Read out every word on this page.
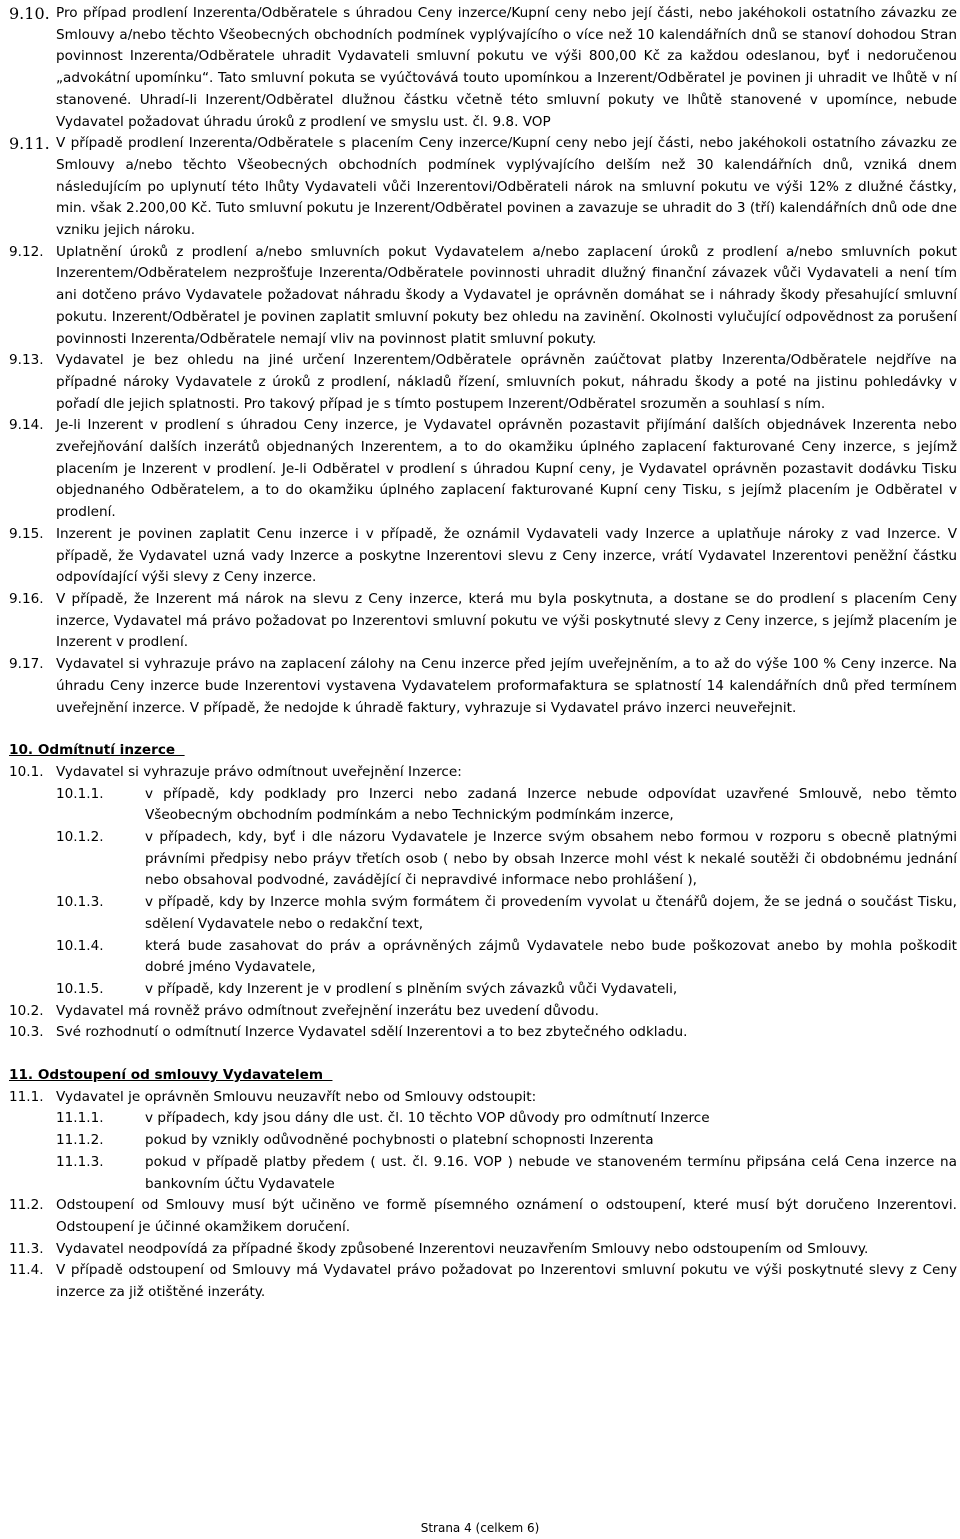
9.10. Pro případ prodlení Inzerenta/Odběratele s úhradou Ceny inzerce/Kupní ceny nebo její části, nebo jakéhokoli ostatního závazku ze Smlouvy a/nebo těchto Všeobecných obchodních podmínek vyplývajícího o více než 10 kalendářních dnů se stanoví dohodou Stran povinnost Inzerenta/Odběratele uhradit Vydavateli smluvní pokutu ve výši 800,00 Kč za každou odeslanou, byť i nedoručenou „advokátní upomínku“. Tato smluvní pokuta se vyúčtovává touto upomínkou a Inzerent/Odběratel je povinen ji uhradit ve lhůtě v ní stanovené. Uhradí-li Inzerent/Odběratel dlužnou částku včetně této smluvní pokuty ve lhůtě stanovené v upomínce, nebude Vydavatel požadovat úhradu úroků z prodlení ve smyslu ust. čl. 9.8. VOP
9.11. V případě prodlení Inzerenta/Odběratele s placením Ceny inzerce/Kupní ceny nebo její části, nebo jakéhokoli ostatního závazku ze Smlouvy a/nebo těchto Všeobecných obchodních podmínek vyplývajícího delším než 30 kalendářních dnů, vzniká dnem následujícím po uplynutí této lhůty Vydavateli vůči Inzerentovi/Odběrateli nárok na smluvní pokutu ve výši 12% z dlužné částky, min. však 2.200,00 Kč. Tuto smluvní pokutu je Inzerent/Odběratel povinen a zavazuje se uhradit do 3 (tří) kalendářních dnů ode dne vzniku jejich nároku.
9.12. Uplatnění úroků z prodlení a/nebo smluvních pokut Vydavatelem a/nebo zaplacení úroků z prodlení a/nebo smluvních pokut Inzerentem/Odběratelem nezprošťuje Inzerenta/Odběratele povinnosti uhradit dlužný finanční závazek vůči Vydavateli a není tím ani dotčeno právo Vydavatele požadovat náhradu škody a Vydavatel je oprávněn domáhat se i náhrady škody přesahující smluvní pokutu. Inzerent/Odběratel je povinen zaplatit smluvní pokuty bez ohledu na zavinění. Okolnosti vylučující odpovědnost za porušení povinnosti Inzerenta/Odběratele nemají vliv na povinnost platit smluvní pokuty.
9.13. Vydavatel je bez ohledu na jiné určení Inzerentem/Odběratele oprávněn zaúčtovat platby Inzerenta/Odběratele nejdříve na případné nároky Vydavatele z úroků z prodlení, nákladů řízení, smluvních pokut, náhradu škody a poté na jistinu pohledávky v pořadí dle jejich splatnosti. Pro takový případ je s tímto postupem Inzerent/Odběratel srozuměn a souhlasí s ním.
9.14. Je-li Inzerent v prodlení s úhradou Ceny inzerce, je Vydavatel oprávněn pozastavit přijímání dalších objednávek Inzerenta nebo zveřejňování dalších inzerátů objednaných Inzerentem, a to do okamžiku úplného zaplacení fakturované Ceny inzerce, s jejímž placením je Inzerent v prodlení. Je-li Odběratel v prodlení s úhradou Kupní ceny, je Vydavatel oprávněn pozastavit dodávku Tisku objednaného Odběratelem, a to do okamžiku úplného zaplacení fakturované Kupní ceny Tisku, s jejímž placením je Odběratel v prodlení.
9.15. Inzerent je povinen zaplatit Cenu inzerce i v případě, že oznámil Vydavateli vady Inzerce a uplatňuje nároky z vad Inzerce. V případě, že Vydavatel uzná vady Inzerce a poskytne Inzerentovi slevu z Ceny inzerce, vrátí Vydavatel Inzerentovi peněžní částku odpovídající výši slevy z Ceny inzerce.
9.16. V případě, že Inzerent má nárok na slevu z Ceny inzerce, která mu byla poskytnuta, a dostane se do prodlení s placením Ceny inzerce, Vydavatel má právo požadovat po Inzerentovi smluvní pokutu ve výši poskytnuté slevy z Ceny inzerce, s jejímž placením je Inzerent v prodlení.
9.17. Vydavatel si vyhrazuje právo na zaplacení zálohy na Cenu inzerce před jejím uveřejněním, a to až do výše 100 % Ceny inzerce. Na úhradu Ceny inzerce bude Inzerentovi vystavena Vydavatelem proformafaktura se splatností 14 kalendářních dnů před termínem uveřejnění inzerce. V případě, že nedojde k úhradě faktury, vyhrazuje si Vydavatel právo inzerci neuveřejnit.
10. Odmítnutí inzerce
10.1. Vydavatel si vyhrazuje právo odmítnout uveřejnění Inzerce:
10.1.1.	v případě, kdy podklady pro Inzerci nebo zadaná Inzerce nebude odpovídat uzavřené Smlouvě, nebo těmto Všeobecným obchodním podmínkám a nebo Technickým podmínkám inzerce,
10.1.2.	v případech, kdy, byť i dle názoru Vydavatele je Inzerce svým obsahem nebo formou v rozporu s obecně platnými právními předpisy nebo práyv třetích osob ( nebo by obsah Inzerce mohl vést k nekalé soutěži či obdobnému jednání nebo obsahoval podvodné, zavádějící či nepravdivé informace nebo prohlášení ),
10.1.3.	v případě, kdy by Inzerce mohla svým formátem či provedením vyvolat u čtenářů dojem, že se jedná o součást Tisku, sdělení Vydavatele nebo o redakční text,
10.1.4.	která bude zasahovat do práv a oprávněných zájmů Vydavatele nebo bude poškozovat anebo by mohla poškodit dobré jméno Vydavatele,
10.1.5.	v případě, kdy Inzerent je v prodlení s plněním svých závazků vůči Vydavateli,
10.2. Vydavatel má rovněž právo odmítnout zveřejnění inzerátu bez uvedení důvodu.
10.3. Své rozhodnutí o odmítnutí Inzerce Vydavatel sdělí Inzerentovi a to bez zbytečného odkladu.
11. Odstoupení od smlouvy Vydavatelem
11.1. Vydavatel je oprávněn Smlouvu neuzavřít nebo od Smlouvy odstoupit:
11.1.1.	v případech, kdy jsou dány dle ust. čl. 10 těchto VOP důvody pro odmítnutí Inzerce
11.1.2.	pokud by vznikly odůvodněné pochybnosti o platební schopnosti Inzerenta
11.1.3.	pokud v případě platby předem ( ust. čl. 9.16. VOP ) nebude ve stanoveném termínu připsána celá Cena inzerce na bankovním účtu Vydavatele
11.2. Odstoupení od Smlouvy musí být učiněno ve formě písemného oznámení o odstoupení, které musí být doručeno Inzerentovi. Odstoupení je účinné okamžikem doručení.
11.3. Vydavatel neodpovídá za případné škody způsobené Inzerentovi neuzavřením Smlouvy nebo odstoupením od Smlouvy.
11.4. V případě odstoupení od Smlouvy má Vydavatel právo požadovat po Inzerentovi smluvní pokutu ve výši poskytnuté slevy z Ceny inzerce za již otištěné inzeráty.
Strana 4 (celkem 6)
